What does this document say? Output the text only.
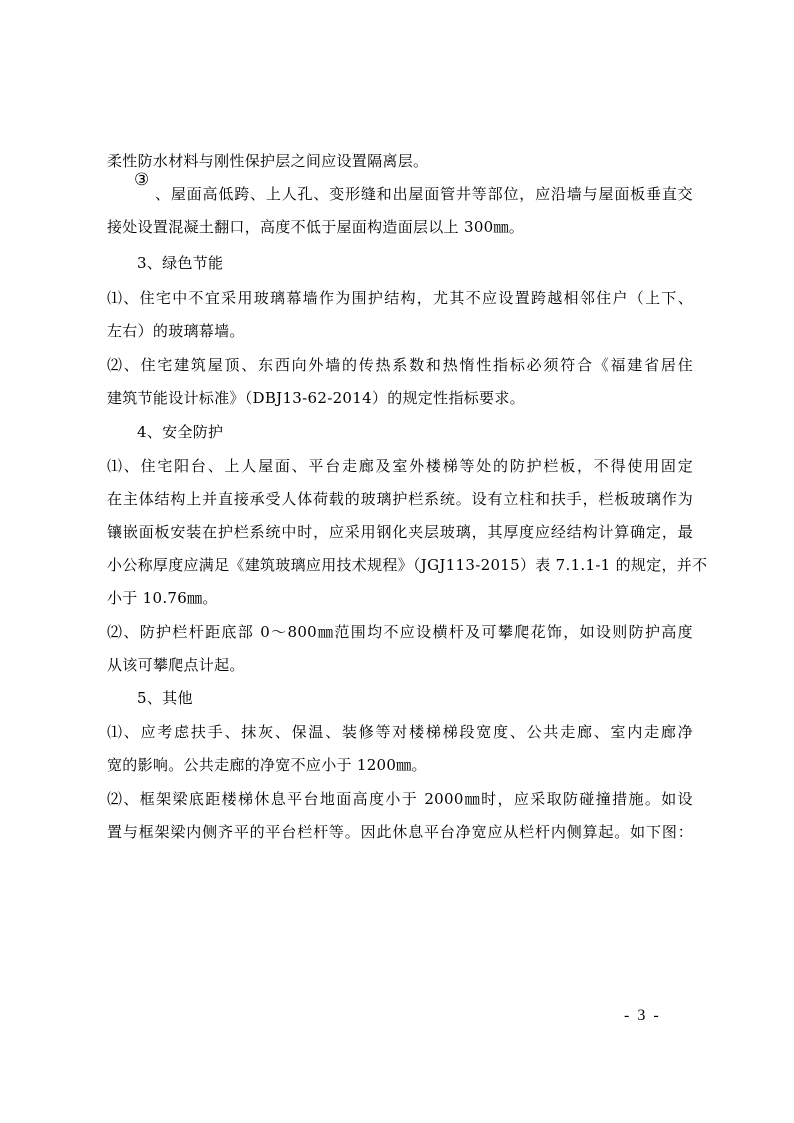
柔性防水材料与刚性保护层之间应设置隔离层。
③
、屋面高低跨、上人孔、变形缝和出屋面管井等部位，应沿墙与屋面板垂直交
接处设置混凝土翻口，高度不低于屋面构造面层以上 300㎜。
3、绿色节能
⑴、住宅中不宜采用玻璃幕墙作为围护结构，尤其不应设置跨越相邻住户（上下、
左右）的玻璃幕墙。
⑵、住宅建筑屋顶、东西向外墙的传热系数和热惰性指标必须符合《福建省居住
建筑节能设计标准》（DBJ13-62-2014）的规定性指标要求。
4、安全防护
⑴、住宅阳台、上人屋面、平台走廊及室外楼梯等处的防护栏板，不得使用固定
在主体结构上并直接承受人体荷载的玻璃护栏系统。设有立柱和扶手，栏板玻璃作为
镶嵌面板安装在护栏系统中时，应采用钢化夹层玻璃，其厚度应经结构计算确定，最
小公称厚度应满足《建筑玻璃应用技术规程》（JGJ113-2015）表 7.1.1-1 的规定，并不
小于 10.76㎜。
⑵、防护栏杆距底部 0～800㎜范围均不应设横杆及可攀爬花饰，如设则防护高度
从该可攀爬点计起。
5、其他
⑴、应考虑扶手、抹灰、保温、装修等对楼梯梯段宽度、公共走廊、室内走廊净
宽的影响。公共走廊的净宽不应小于 1200㎜。
⑵、框架梁底距楼梯休息平台地面高度小于 2000㎜时，应采取防碰撞措施。如设
置与框架梁内侧齐平的平台栏杆等。因此休息平台净宽应从栏杆内侧算起。如下图：
- 3 -
